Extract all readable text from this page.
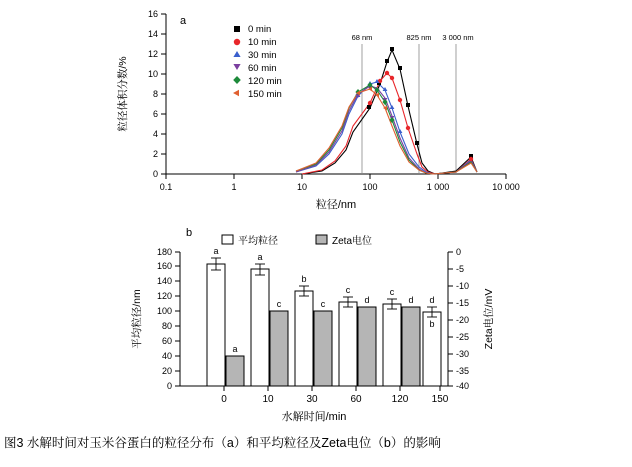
0
2
4
6
8
10
12
14
16
0.1	1	10	100	1 000	10 000
a
粒径体积分数/%
粒径/nm
68 nm	825 nm 3 000 nm
0 min
10 min
30 min
60 min
120 min
150 min
0
20
40
60
80
100
120
140
160
180	0
-5
-10
-15
-20
-25
-30
-35
-40
0	10	30	60	120 150
平均粒径/nm	Zeta电位/mV
水解时间/min
b
平均粒径	Zeta电位
a
a
b
c	c
d
a
c	c	d	d
b
图3 水解时间对玉米谷蛋白的粒径分布（a）和平均粒径及Zeta电位（b）的影响
